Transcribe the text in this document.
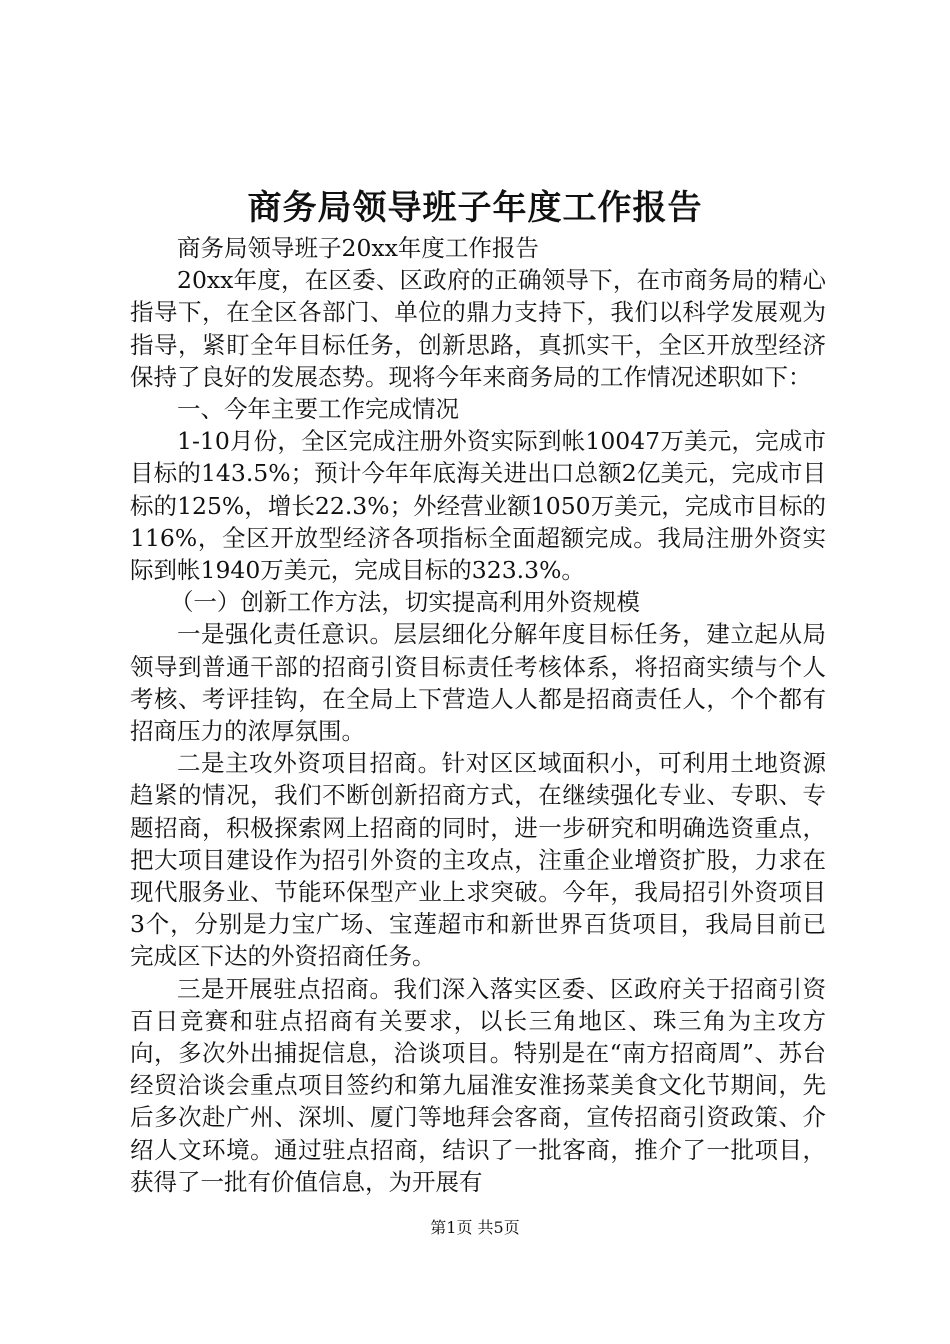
商务局领导班子年度工作报告

商务局领导班子20xx年度工作报告

20xx年度，在区委、区政府的正确领导下，在市商务局的精心指导下，在全区各部门、单位的鼎力支持下，我们以科学发展观为指导，紧盯全年目标任务，创新思路，真抓实干，全区开放型经济保持了良好的发展态势。现将今年来商务局的工作情况述职如下：

一、今年主要工作完成情况

1-10月份，全区完成注册外资实际到帐10047万美元，完成市目标的143.5%；预计今年年底海关进出口总额2亿美元，完成市目标的125%，增长22.3%；外经营业额1050万美元，完成市目标的116%，全区开放型经济各项指标全面超额完成。我局注册外资实际到帐1940万美元，完成目标的323.3%。

（一）创新工作方法，切实提高利用外资规模

一是强化责任意识。层层细化分解年度目标任务，建立起从局领导到普通干部的招商引资目标责任考核体系，将招商实绩与个人考核、考评挂钩，在全局上下营造人人都是招商责任人，个个都有招商压力的浓厚氛围。

二是主攻外资项目招商。针对区区域面积小，可利用土地资源趋紧的情况，我们不断创新招商方式，在继续强化专业、专职、专题招商，积极探索网上招商的同时，进一步研究和明确选资重点，把大项目建设作为招引外资的主攻点，注重企业增资扩股，力求在现代服务业、节能环保型产业上求突破。今年，我局招引外资项目3个，分别是力宝广场、宝莲超市和新世界百货项目，我局目前已完成区下达的外资招商任务。

三是开展驻点招商。我们深入落实区委、区政府关于招商引资百日竞赛和驻点招商有关要求，以长三角地区、珠三角为主攻方向，多次外出捕捉信息，洽谈项目。特别是在“南方招商周”、苏台经贸洽谈会重点项目签约和第九届淮安淮扬菜美食文化节期间，先后多次赴广州、深圳、厦门等地拜会客商，宣传招商引资政策、介绍人文环境。通过驻点招商，结识了一批客商，推介了一批项目，获得了一批有价值信息，为开展有

第1页 共5页
